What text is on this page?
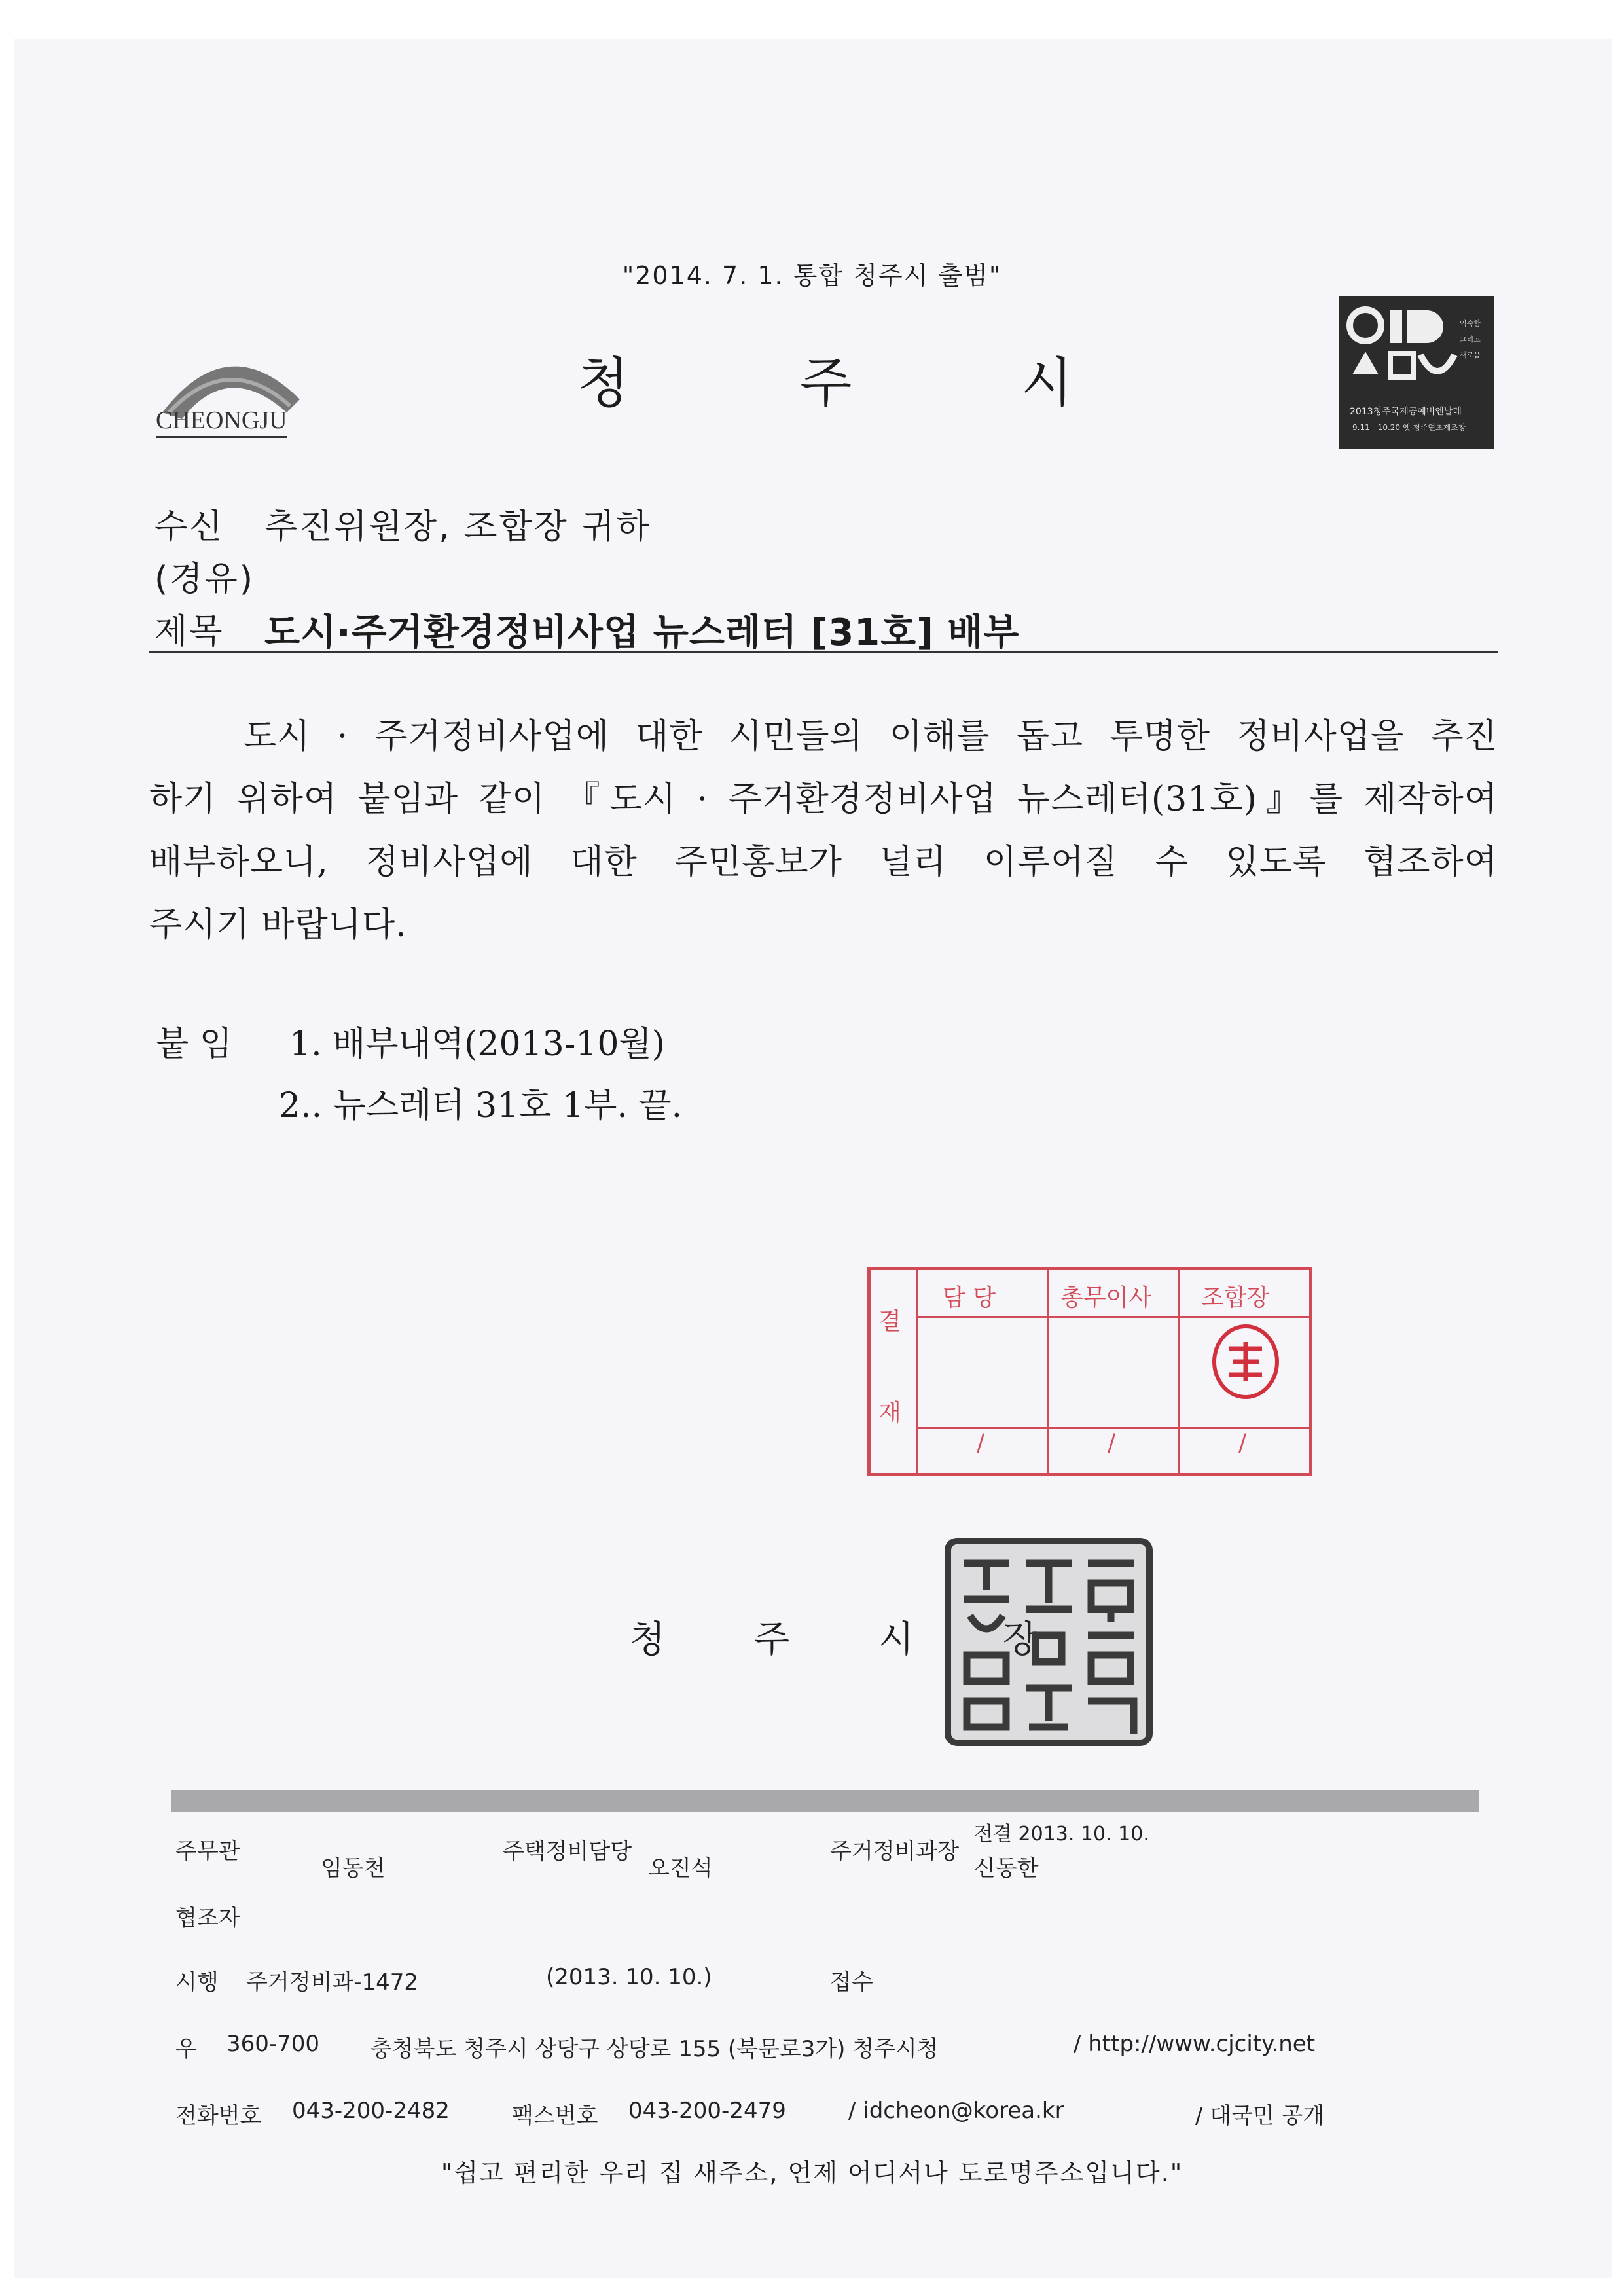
"2014. 7. 1. 통합 청주시 출범"
CHEONGJU
청	주	시
익숙함
그리고
새로움
2013청주국제공예비엔날레
9.11 - 10.20 옛 청주연초제조창
수신 추진위원장, 조합장 귀하
(경유)
제목 도시·주거환경정비사업 뉴스레터 [31호] 배부
도시 · 주거정비사업에 대한 시민들의 이해를 돕고 투명한 정비사업을 추진
하기 위하여 붙임과 같이 『도시 · 주거환경정비사업 뉴스레터(31호)』를 제작하여
배부하오니, 정비사업에 대한 주민홍보가 널리 이루어질 수 있도록 협조하여
주시기 바랍니다.
붙 임 1. 배부내역(2013-10월)
2.. 뉴스레터 31호 1부. 끝.
결
재
담 당	총무이사 조합장
/	/	/
청 주 시
주무관
임동천
주택정비담당
오진석
주거정비과장
전결 2013. 10. 10.
신동한
협조자
시행 주거정비과-1472	(2013. 10. 10.)	접수
우 360-700 충청북도 청주시 상당구 상당로 155 (북문로3가) 청주시청	/ http://www.cjcity.net
전화번호 043-200-2482	팩스번호 043-200-2479	/ idcheon@korea.kr	/ 대국민 공개
"쉽고 편리한 우리 집 새주소, 언제 어디서나 도로명주소입니다."
